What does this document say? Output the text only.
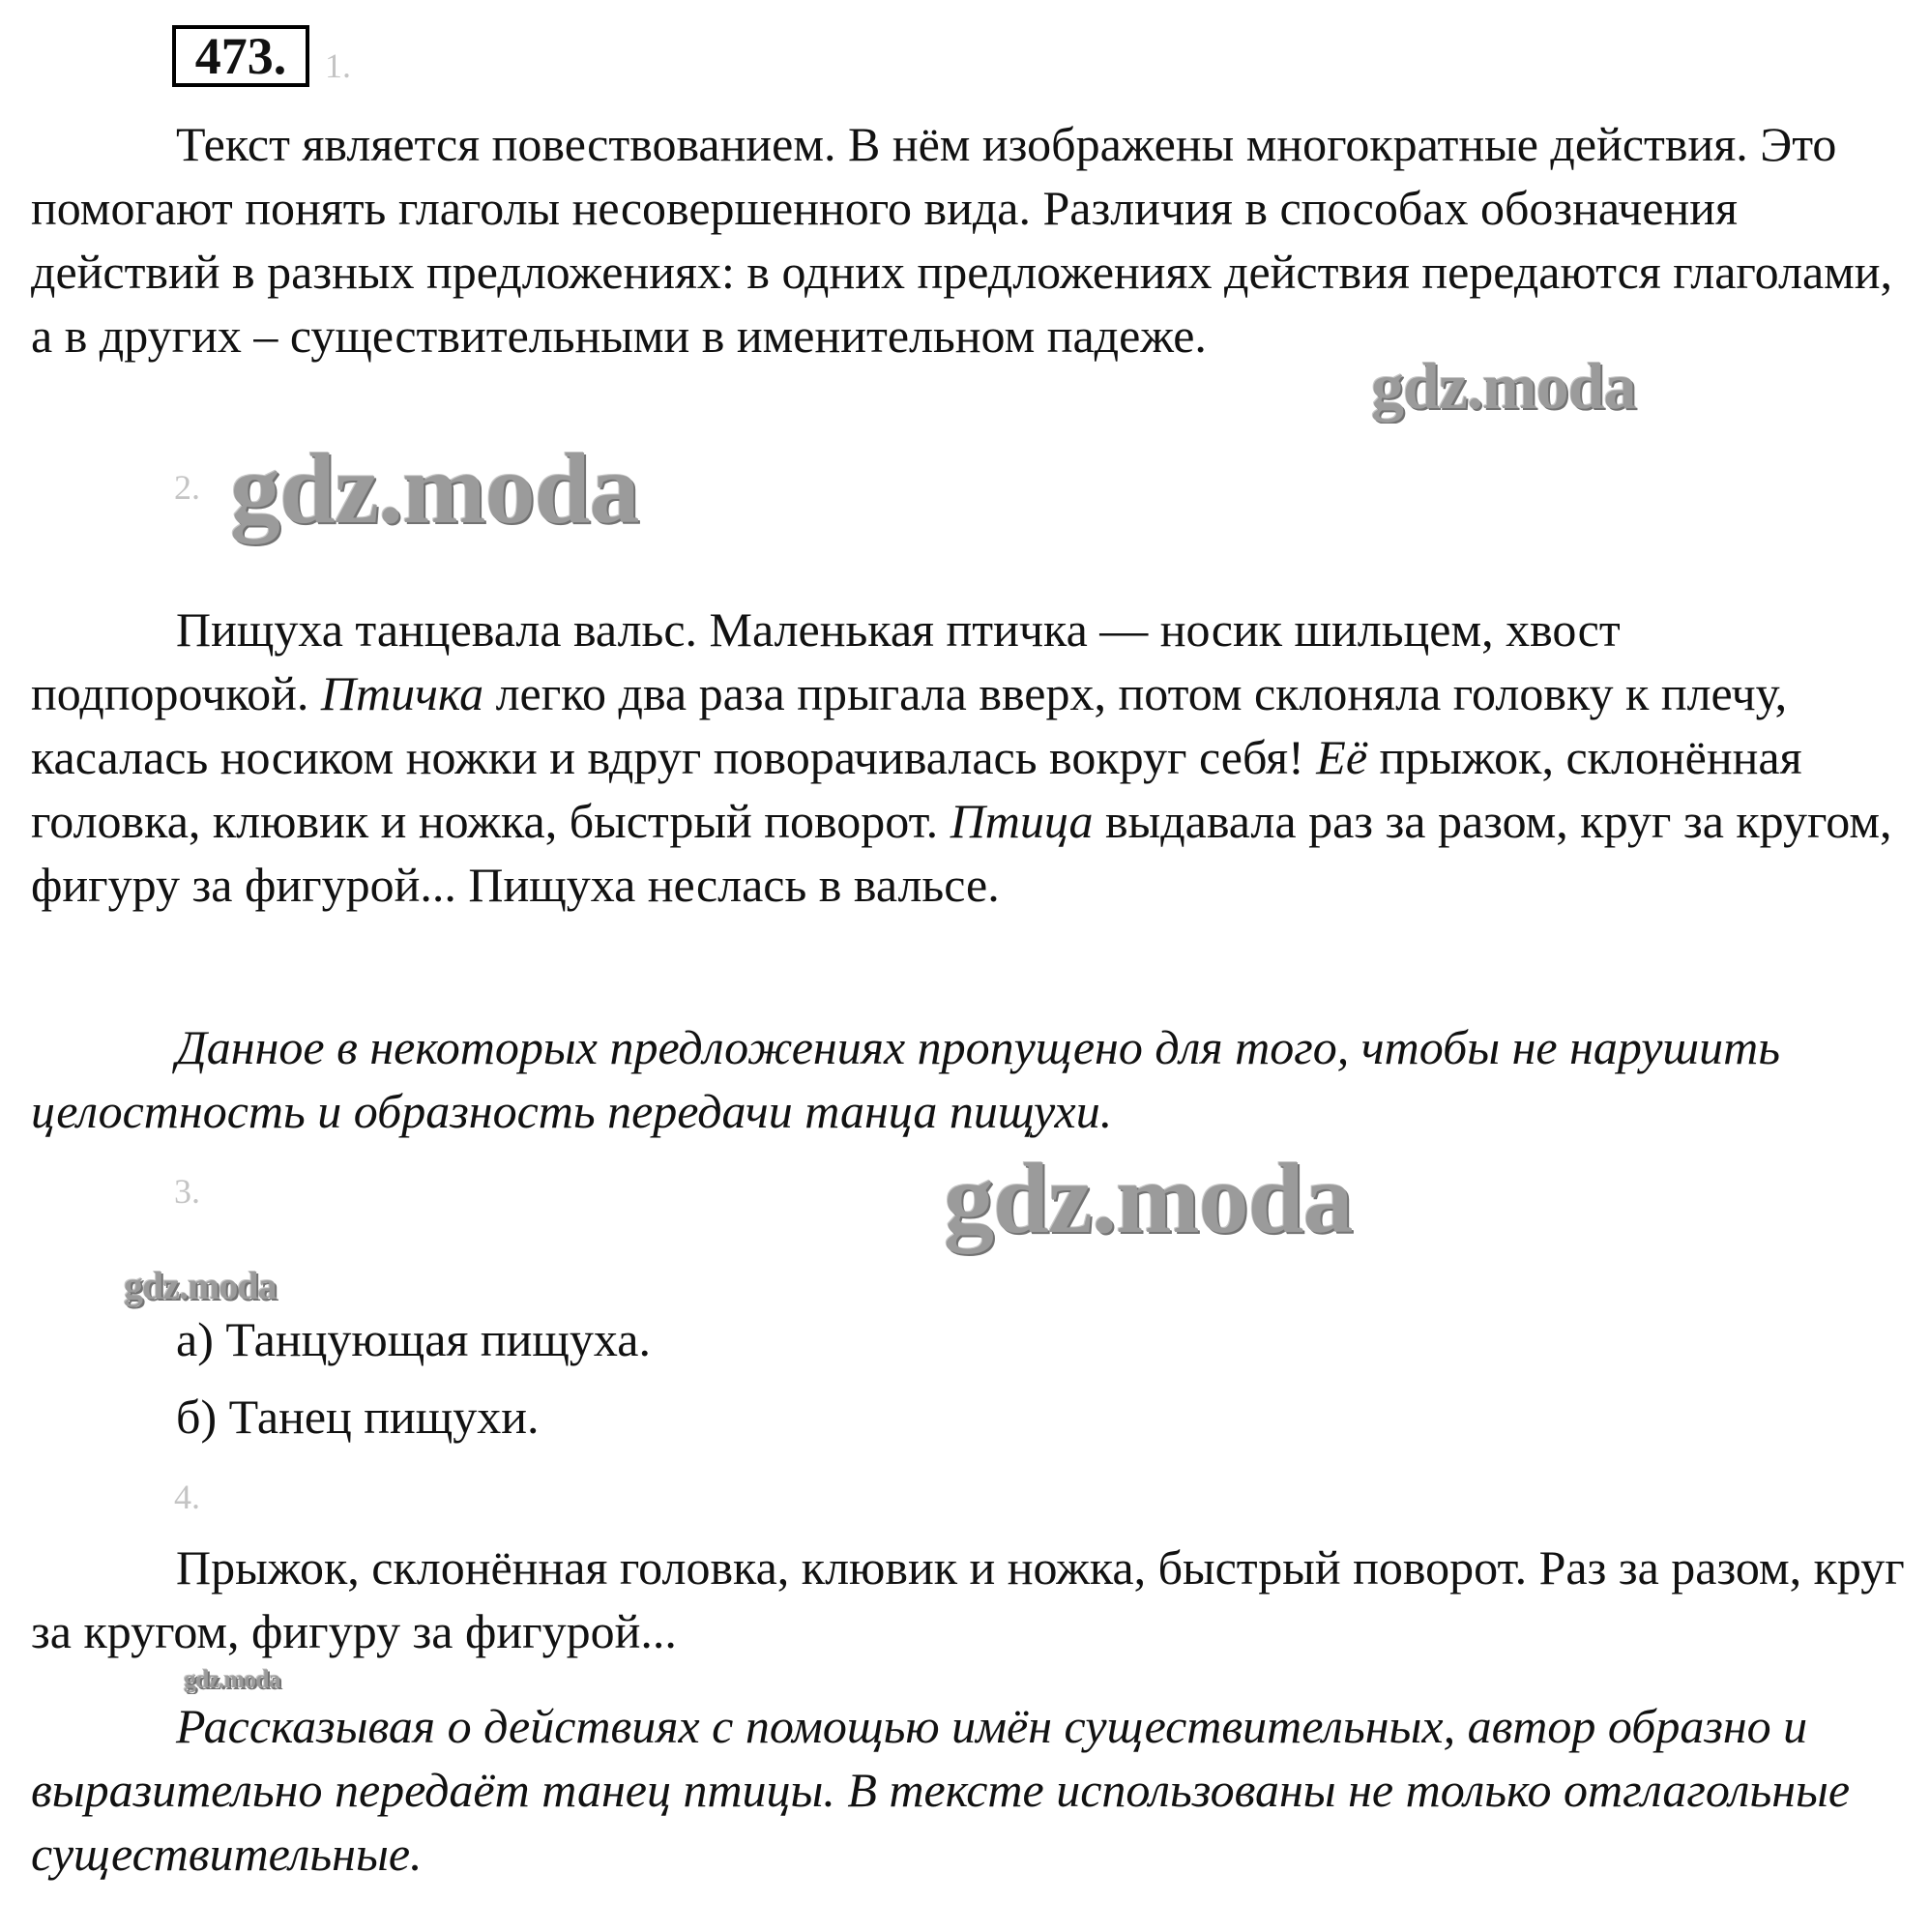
473.	1.

Текст является повествованием. В нём изображены многократные действия. Это помогают понять глаголы несовершенного вида. Различия в способах обозначения действий в разных предложениях: в одних предложениях действия передаются глаголами, а в других – существительными в именительном падеже.

2.

Пищуха танцевала вальс. Маленькая птичка — носик шильцем, хвост подпорочкой. Птичка легко два раза прыгала вверх, потом склоняла головку к плечу, касалась носиком ножки и вдруг поворачивалась вокруг себя! Её прыжок, склонённая головка, клювик и ножка, быстрый поворот. Птица выдавала раз за разом, круг за кругом, фигуру за фигурой... Пищуха неслась в вальсе.

Данное в некоторых предложениях пропущено для того, чтобы не нарушить целостность и образность передачи танца пищухи.

3.

а) Танцующая пищуха.

б) Танец пищухи.

4.

Прыжок, склонённая головка, клювик и ножка, быстрый поворот. Раз за разом, круг за кругом, фигуру за фигурой...

Рассказывая о действиях с помощью имён существительных, автор образно и выразительно передаёт танец птицы. В тексте использованы не только отглагольные существительные.

gdz.moda
gdz.moda
gdz.moda
gdz.moda
gdz.moda
